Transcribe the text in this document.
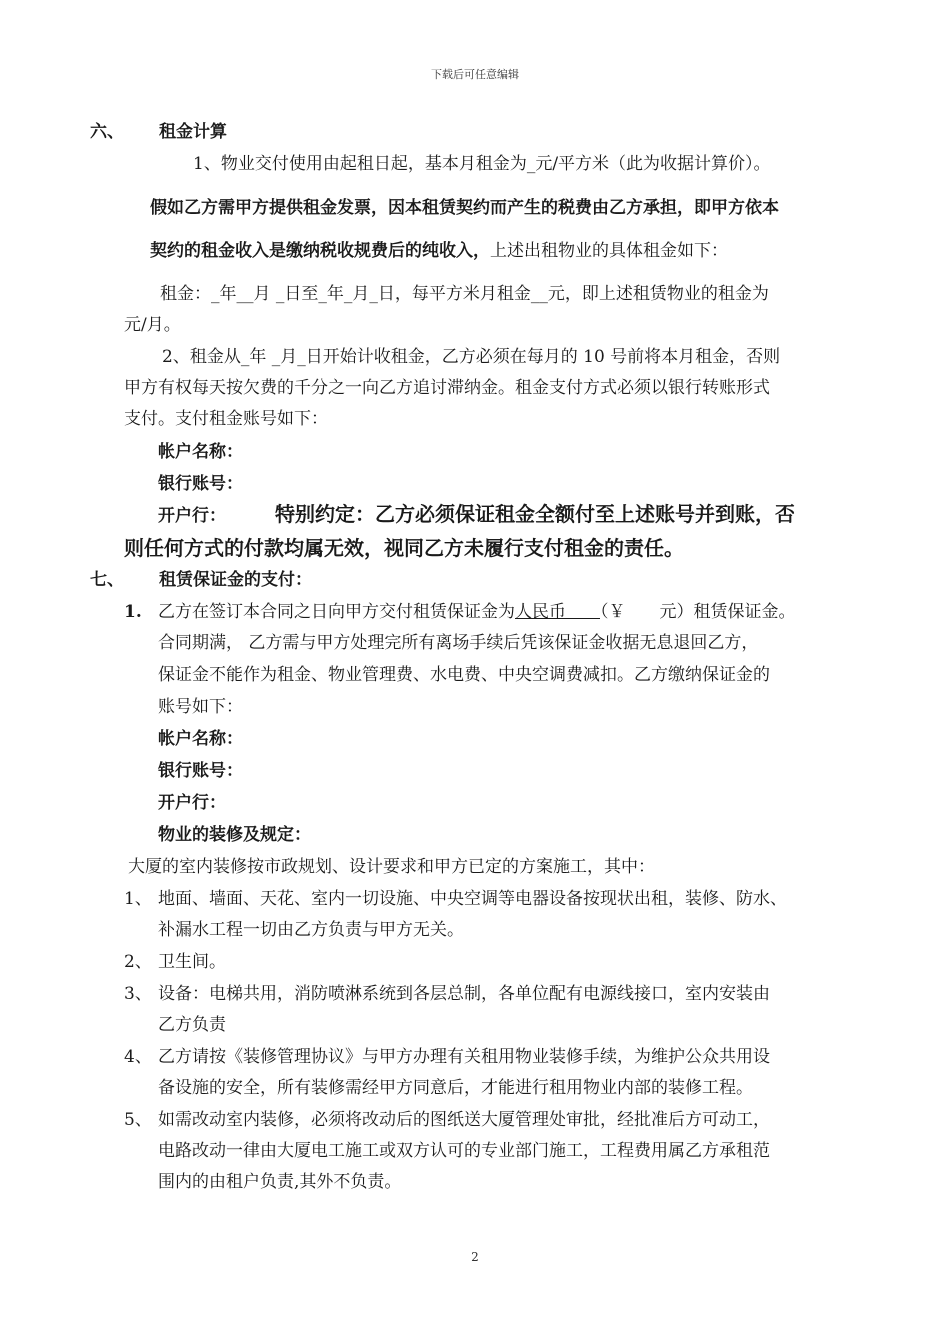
下载后可任意编辑
六、 租金计算
1、物业交付使用由起租日起，基本月租金为_元/平方米（此为收据计算价）。
假如乙方需甲方提供租金发票，因本租赁契约而产生的税费由乙方承担，即甲方依本
契约的租金收入是缴纳税收规费后的纯收入，上述出租物业的具体租金如下：
租金：_年__月 _日至_年_月_日，每平方米月租金__元，即上述租赁物业的租金为
元/月。
2、租金从_年 _月_日开始计收租金，乙方必须在每月的 10 号前将本月租金，否则
甲方有权每天按欠费的千分之一向乙方追讨滞纳金。租金支付方式必须以银行转账形式
支付。支付租金账号如下：
帐户名称：
银行账号：
开户行： 特别约定：乙方必须保证租金全额付至上述账号并到账，否
则任何方式的付款均属无效，视同乙方未履行支付租金的责任。
七、 租赁保证金的支付：
1. 乙方在签订本合同之日向甲方交付租赁保证金为人民币　　 （￥　　元）租赁保证金。
合同期满， 乙方需与甲方处理完所有离场手续后凭该保证金收据无息退回乙方，
保证金不能作为租金、物业管理费、水电费、中央空调费减扣。乙方缴纳保证金的
账号如下：
帐户名称：
银行账号：
开户行：
物业的装修及规定：
大厦的室内装修按市政规划、设计要求和甲方已定的方案施工，其中：
1、 地面、墙面、天花、室内一切设施、中央空调等电器设备按现状出租，装修、防水、
补漏水工程一切由乙方负责与甲方无关。
2、 卫生间。
3、 设备：电梯共用，消防喷淋系统到各层总制，各单位配有电源线接口，室内安装由
乙方负责
4、 乙方请按《装修管理协议》与甲方办理有关租用物业装修手续，为维护公众共用设
备设施的安全，所有装修需经甲方同意后，才能进行租用物业内部的装修工程。
5、 如需改动室内装修，必须将改动后的图纸送大厦管理处审批，经批准后方可动工，
电路改动一律由大厦电工施工或双方认可的专业部门施工，工程费用属乙方承租范
围内的由租户负责,其外不负责。
2
